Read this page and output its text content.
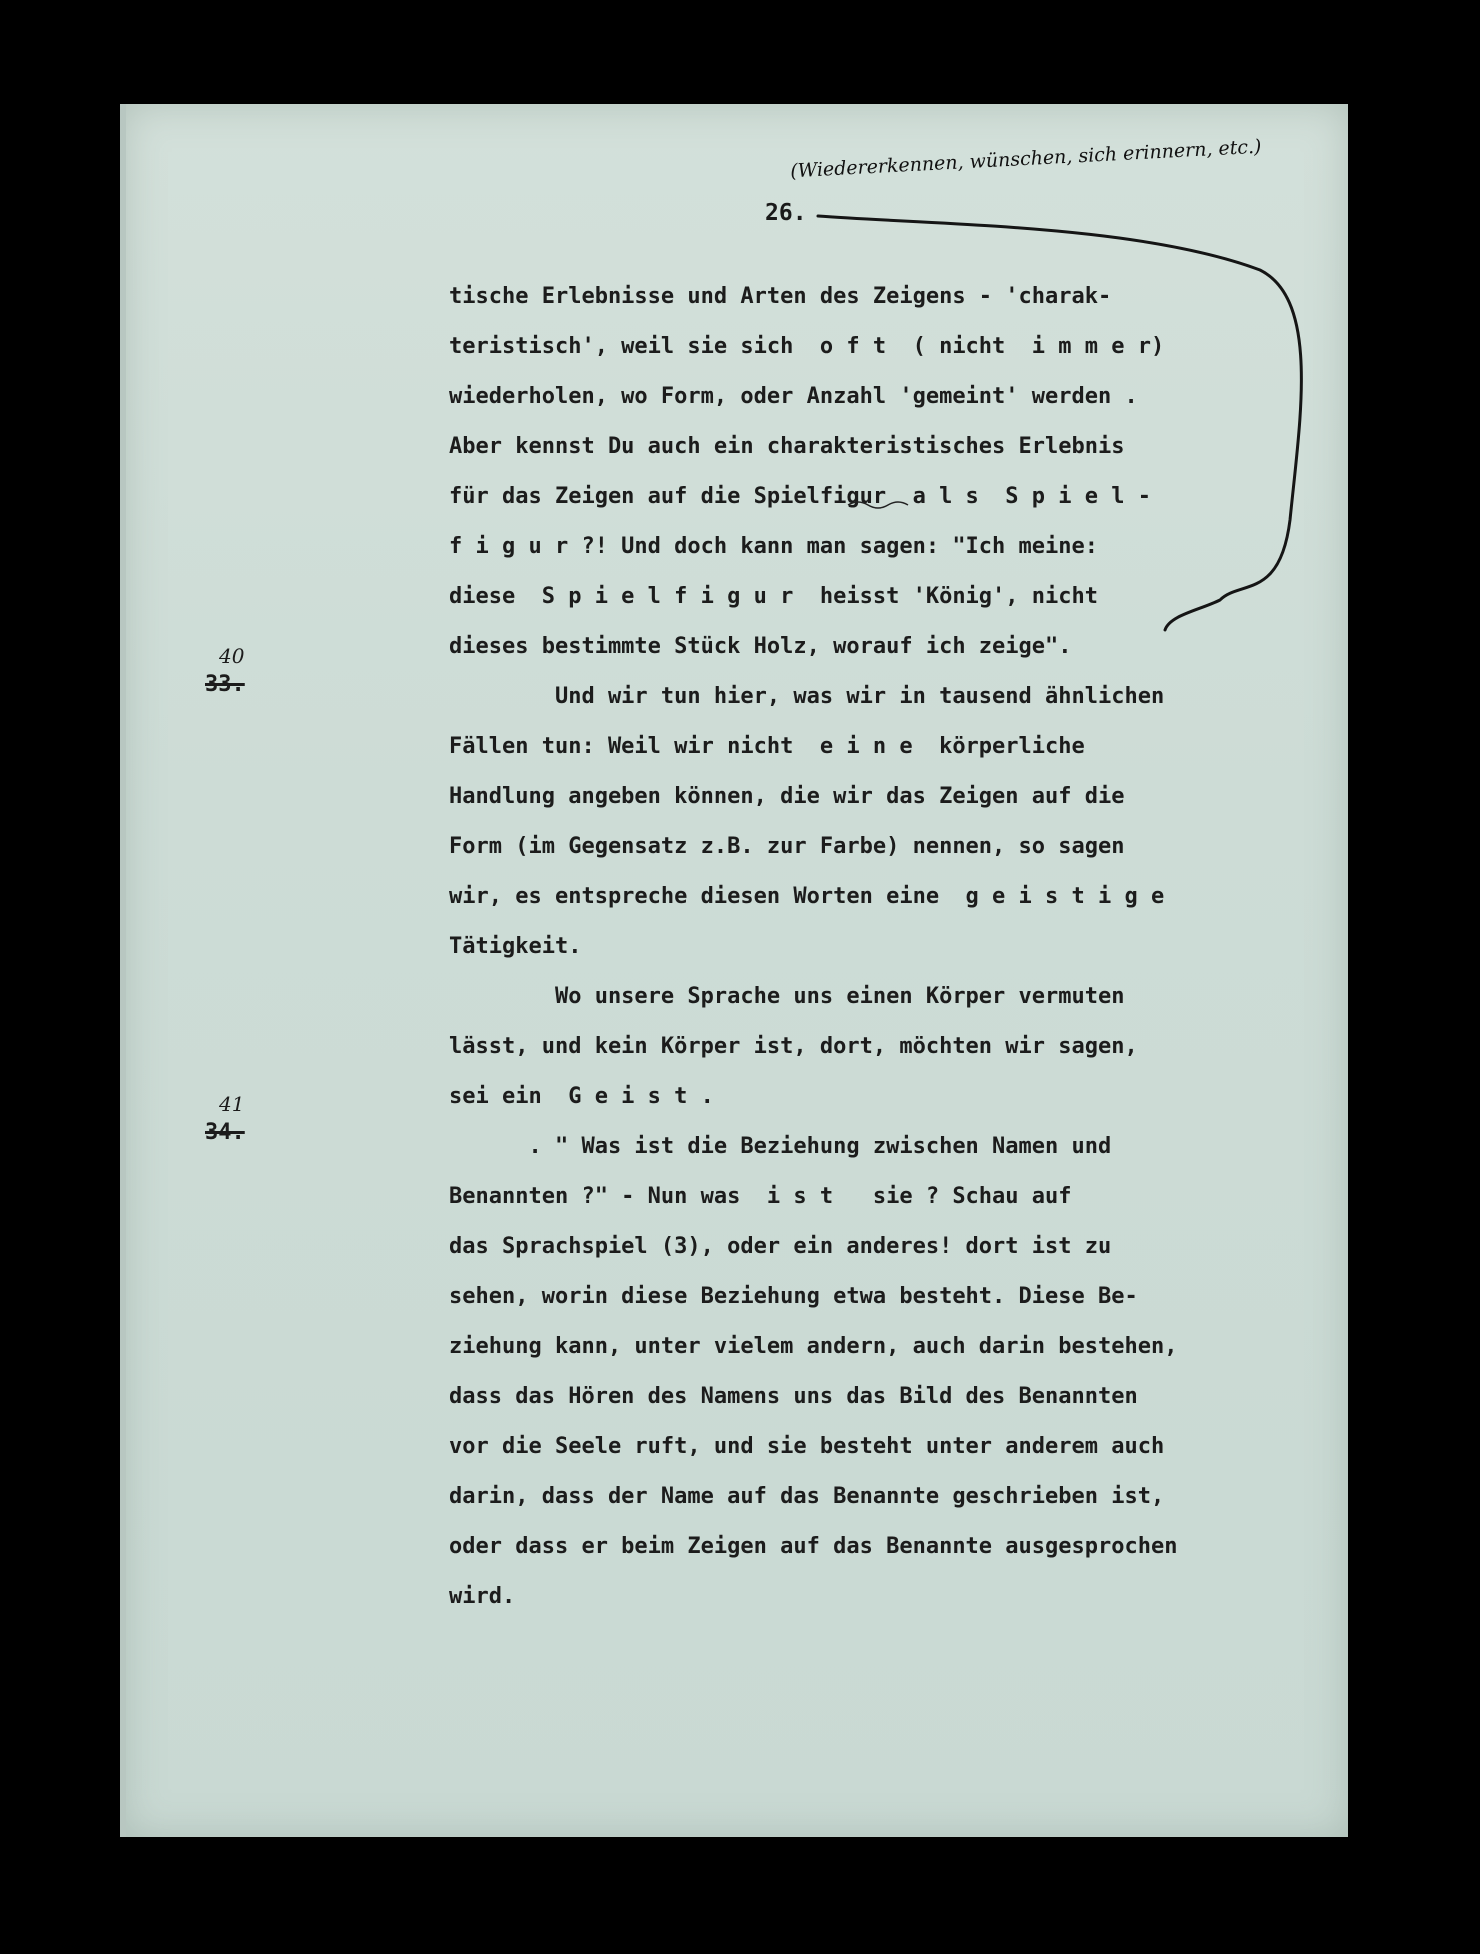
(Wiedererkennen, wünschen, sich erinnern, etc.)
26.
tische Erlebnisse und Arten des Zeigens - 'charak-
teristisch', weil sie sich  o f t  ( nicht  i m m e r)
wiederholen, wo Form, oder Anzahl 'gemeint' werden .
Aber kennst Du auch ein charakteristisches Erlebnis
für das Zeigen auf die Spielfigur  a l s  S p i e l -
f i g u r ?! Und doch kann man sagen: "Ich meine:
diese  S p i e l f i g u r  heisst 'König', nicht
dieses bestimmte Stück Holz, worauf ich zeige".
Und wir tun hier, was wir in tausend ähnlichen
Fällen tun: Weil wir nicht  e i n e  körperliche
Handlung angeben können, die wir das Zeigen auf die
Form (im Gegensatz z.B. zur Farbe) nennen, so sagen
wir, es entspreche diesen Worten eine  g e i s t i g e
Tätigkeit.
Wo unsere Sprache uns einen Körper vermuten
lässt, und kein Körper ist, dort, möchten wir sagen,
sei ein  G e i s t .
. " Was ist die Beziehung zwischen Namen und
Benannten ?" - Nun was  i s t   sie ? Schau auf
das Sprachspiel (3), oder ein anderes! dort ist zu
sehen, worin diese Beziehung etwa besteht. Diese Be-
ziehung kann, unter vielem andern, auch darin bestehen,
dass das Hören des Namens uns das Bild des Benannten
vor die Seele ruft, und sie besteht unter anderem auch
darin, dass der Name auf das Benannte geschrieben ist,
oder dass er beim Zeigen auf das Benannte ausgesprochen
wird.
40
33.
41
34.
